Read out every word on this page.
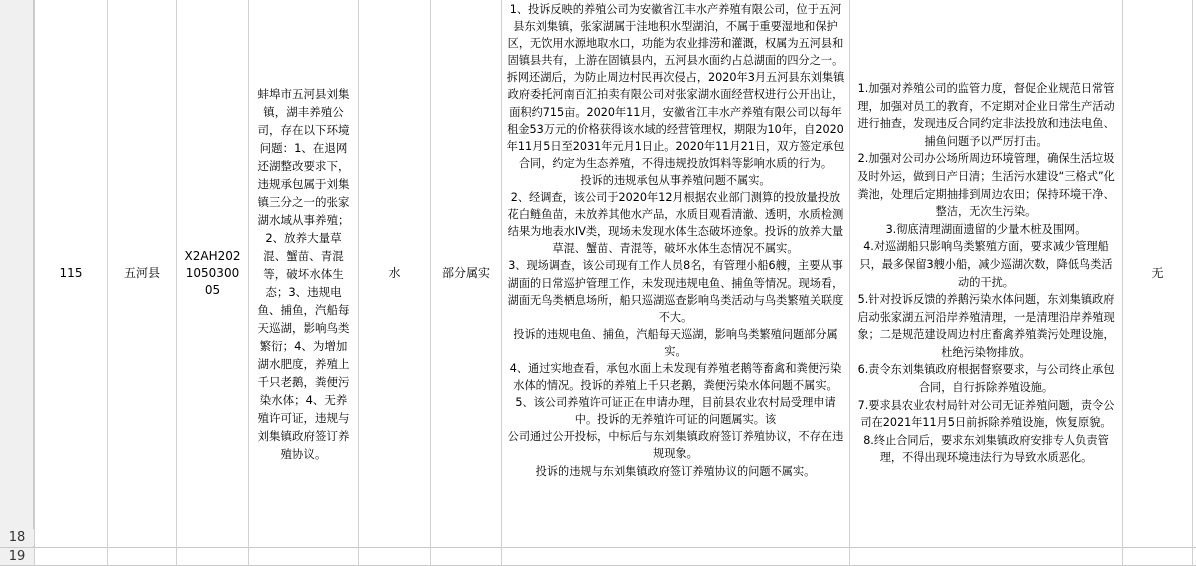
18
19
115	五河县
X2AH202105030005
蚌埠市五河县刘集镇，湖丰养殖公司，存在以下环境问题：1、在退网还湖整改要求下，违规承包属于刘集镇三分之一的张家湖水域从事养殖；2、放养大量草混、蟹苗、青混等，破坏水体生态；3、违规电鱼、捕鱼，汽船每天巡湖，影响鸟类繁衍；4、为增加湖水肥度，养殖上千只老鹅，粪便污染水体；4、无养殖许可证，违规与刘集镇政府签订养殖协议。
水	部分属实

1、投诉反映的养殖公司为安徽省江丰水产养殖有限公司，位于五河县东刘集镇，张家湖属于洼地积水型湖泊，不属于重要湿地和保护区，无饮用水源地取水口，功能为农业排涝和灌溉，权属为五河县和固镇县共有，上游在固镇县内，五河县水面约占总湖面的四分之一。拆网还湖后，为防止周边村民再次侵占，2020年3月五河县东刘集镇政府委托河南百汇拍卖有限公司对张家湖水面经营权进行公开出让，面积约715亩。2020年11月，安徽省江丰水产养殖有限公司以每年租金53万元的价格获得该水域的经营管理权，期限为10年，自2020年11月5日至2031年元月1日止。2020年11月21日，双方签定承包合同，约定为生态养殖，不得违规投放饵料等影响水质的行为。

投诉的违规承包从事养殖问题不属实。

2、经调查，该公司于2020年12月根据农业部门测算的投放量投放花白鲢鱼苗，未放养其他水产品，水质目观看清澈、透明，水质检测结果为地表水IV类，现场未发现水体生态破坏迹象。投诉的放养大量草混、蟹苗、青混等，破坏水体生态情况不属实。

3、现场调查，该公司现有工作人员8名，有管理小船6艘，主要从事湖面的日常巡护管理工作，未发现违规电鱼、捕鱼等情况。现场看，湖面无鸟类栖息场所，船只巡湖巡查影响鸟类活动与鸟类繁殖关联度不大。

投诉的违规电鱼、捕鱼，汽船每天巡湖，影响鸟类繁殖问题部分属实。

4、通过实地查看，承包水面上未发现有养殖老鹅等畜禽和粪便污染水体的情况。投诉的养殖上千只老鹅，粪便污染水体问题不属实。

5、该公司养殖许可证正在申请办理，目前县农业农村局受理申请中。投诉的无养殖许可证的问题属实。该

公司通过公开投标，中标后与东刘集镇政府签订养殖协议，不存在违规现象。

投诉的违规与东刘集镇政府签订养殖协议的问题不属实。

1.加强对养殖公司的监管力度，督促企业规范日常管理，加强对员工的教育，不定期对企业日常生产活动进行抽查，发现违反合同约定非法投放和违法电鱼、捕鱼问题予以严厉打击。

2.加强对公司办公场所周边环境管理，确保生活垃圾及时外运，做到日产日清；生活污水建设“三格式”化粪池，处理后定期抽排到周边农田；保持环境干净、整洁，无次生污染。

3.彻底清理湖面遗留的少量木桩及围网。

4.对巡湖船只影响鸟类繁殖方面，要求减少管理船只，最多保留3艘小船，减少巡湖次数，降低鸟类活动的干扰。

5.针对投诉反馈的养鹅污染水体问题，东刘集镇政府启动张家湖五河沿岸养殖清理，一是清理沿岸养殖现象；二是规范建设周边村庄畜禽养殖粪污处理设施，杜绝污染物排放。

6.责令东刘集镇政府根据督察要求，与公司终止承包合同，自行拆除养殖设施。

7.要求县农业农村局针对公司无证养殖问题，责令公司在2021年11月5日前拆除养殖设施，恢复原貌。

8.终止合同后，要求东刘集镇政府安排专人负责管理，不得出现环境违法行为导致水质恶化。

无
